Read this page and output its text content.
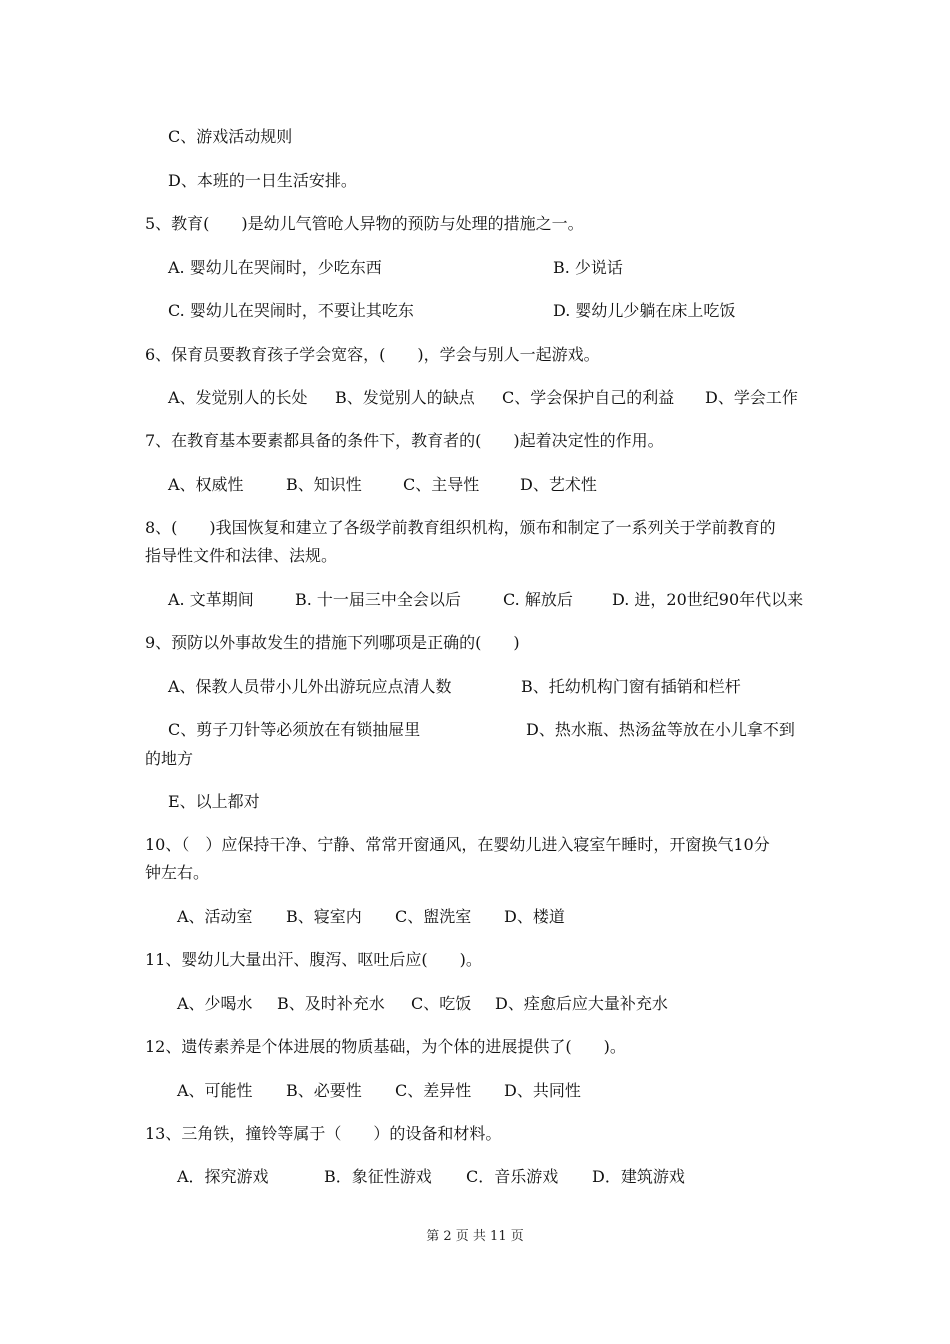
C、游戏活动规则
D、本班的一日生活安排。
5、教育(　　)是幼儿气管呛人异物的预防与处理的措施之一。
A. 婴幼儿在哭闹时，少吃东西	B. 少说话
C. 婴幼儿在哭闹时，不要让其吃东	D. 婴幼儿少躺在床上吃饭
6、保育员要教育孩子学会宽容，(　　)，学会与别人一起游戏。
A、发觉别人的长处 B、发觉别人的缺点 C、学会保护自己的利益 D、学会工作
7、在教育基本要素都具备的条件下，教育者的(　　)起着决定性的作用。
A、权威性	B、知识性	C、主导性	D、艺术性
8、(　　)我国恢复和建立了各级学前教育组织机构，颁布和制定了一系列关于学前教育的
指导性文件和法律、法规。
A. 文革期间	B. 十一届三中全会以后	C. 解放后 D. 进，20世纪90年代以来
9、预防以外事故发生的措施下列哪项是正确的(　　)
A、保教人员带小儿外出游玩应点清人数	B、托幼机构门窗有插销和栏杆
C、剪子刀针等必须放在有锁抽屉里	D、热水瓶、热汤盆等放在小儿拿不到
的地方
E、以上都对
10、（　）应保持干净、宁静、常常开窗通风，在婴幼儿进入寝室午睡时，开窗换气10分
钟左右。
A、活动室 B、寝室内 C、盥洗室 D、楼道
11、婴幼儿大量出汗、腹泻、呕吐后应(　　)。
A、少喝水 B、及时补充水 C、吃饭 D、痊愈后应大量补充水
12、遗传素养是个体进展的物质基础，为个体的进展提供了(　　)。
A、可能性 B、必要性 C、差异性 D、共同性
13、三角铁，撞铃等属于（　　）的设备和材料。
A．探究游戏	B．象征性游戏 C．音乐游戏 D．建筑游戏
第 2 页 共 11 页
